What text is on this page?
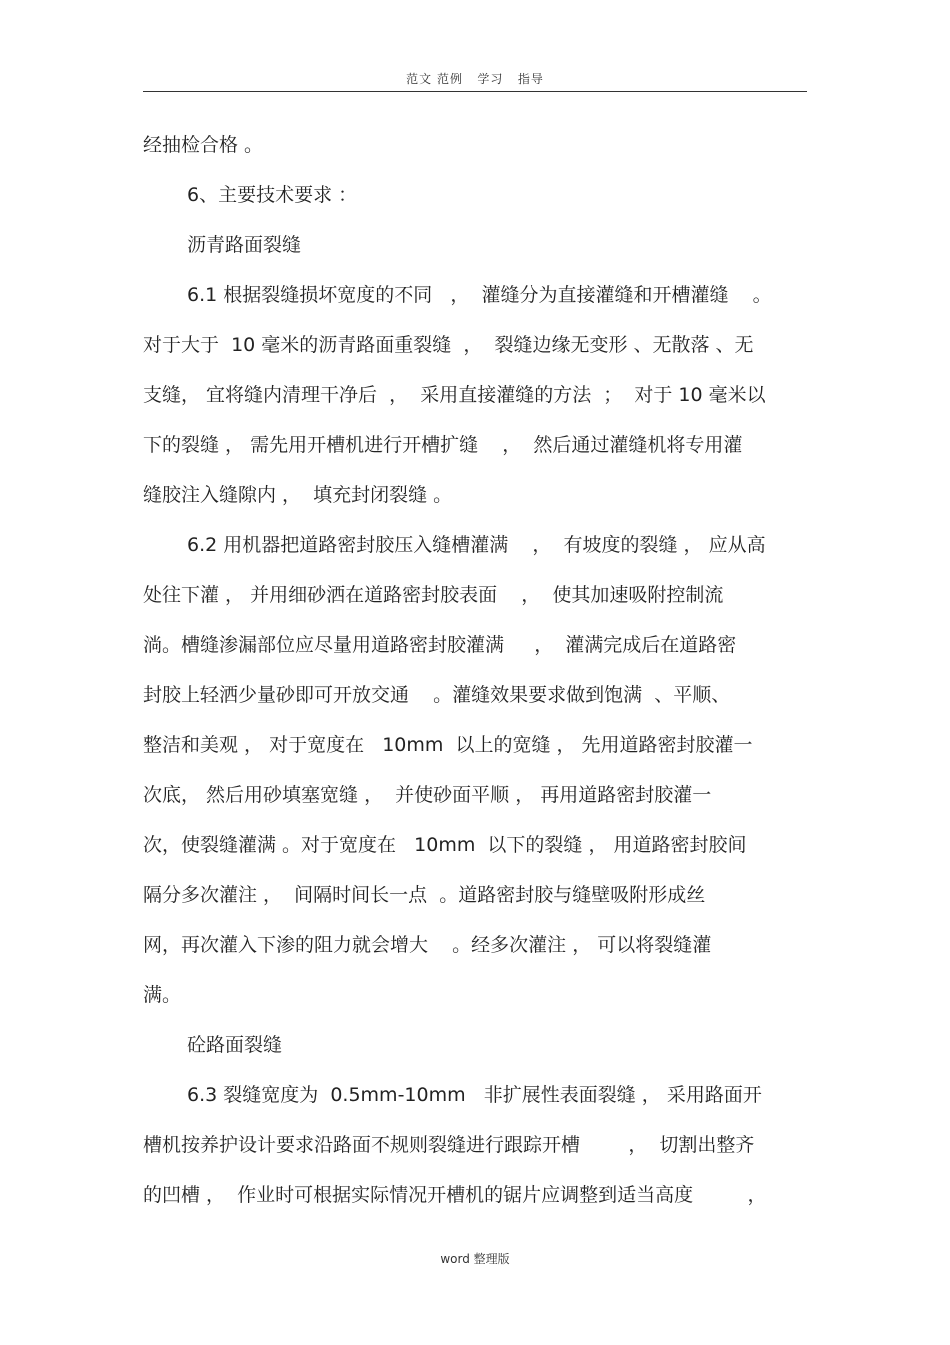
范文 范例   学习   指导
经抽检合格 。
6、主要技术要求 ：
沥青路面裂缝
6.1 根据裂缝损坏宽度的不同   ，  灌缝分为直接灌缝和开槽灌缝    。
对于大于  10 毫米的沥青路面重裂缝  ，  裂缝边缘无变形 、无散落 、无
支缝， 宜将缝内清理干净后  ，  采用直接灌缝的方法  ；  对于 10 毫米以
下的裂缝 ， 需先用开槽机进行开槽扩缝    ，  然后通过灌缝机将专用灌
缝胶注入缝隙内 ，  填充封闭裂缝 。
6.2 用机器把道路密封胶压入缝槽灌满    ，  有坡度的裂缝 ， 应从高
处往下灌 ， 并用细砂洒在道路密封胶表面    ，  使其加速吸附控制流
淌。槽缝渗漏部位应尽量用道路密封胶灌满     ，  灌满完成后在道路密
封胶上轻洒少量砂即可开放交通    。灌缝效果要求做到饱满  、平顺、
整洁和美观 ， 对于宽度在   10mm  以上的宽缝 ， 先用道路密封胶灌一
次底， 然后用砂填塞宽缝 ，  并使砂面平顺 ， 再用道路密封胶灌一
次，使裂缝灌满 。对于宽度在   10mm  以下的裂缝 ， 用道路密封胶间
隔分多次灌注 ，  间隔时间长一点  。道路密封胶与缝壁吸附形成丝
网，再次灌入下渗的阻力就会增大    。经多次灌注 ， 可以将裂缝灌
满。
砼路面裂缝
6.3 裂缝宽度为  0.5mm-10mm   非扩展性表面裂缝 ， 采用路面开
槽机按养护设计要求沿路面不规则裂缝进行跟踪开槽        ，  切割出整齐
的凹槽 ，  作业时可根据实际情况开槽机的锯片应调整到适当高度         ，
word 整理版
